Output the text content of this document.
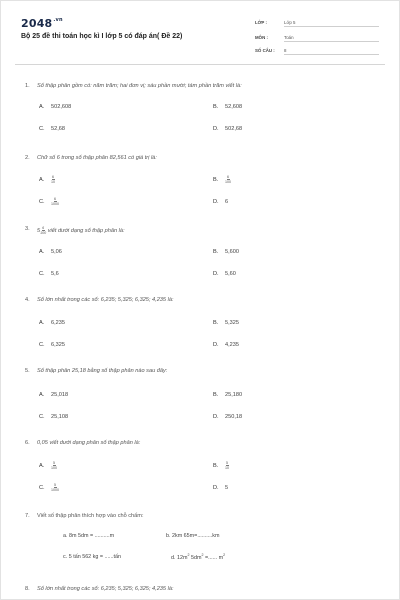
$2048^{.vn}$
Bộ 25 đề thi toán học kì I lớp 5 có đáp án( Đề 22)
LỚP :	Lớp 5
MÔN :	Toán
SỐ CÂU : 8
1.	Số thập phân gồm có: năm trăm; hai đơn vị; sáu phần mười; tám phần trăm viết là:
A. 502,608	B. 52,608
C. 52,68	D. 502,68
2.	Chữ số 6 trong số thập phân 82,561 có giá trị là:
A. $\frac{6}{10}$	B. $\frac{6}{100}$
C. $\frac{6}{1000}$	D. 6
3.	$5 \frac{6}{100}$ viết dưới dạng số thập phân là:
A. 5,06	B. 5,600
C. 5,6	D. 5,60
4.	Số lớn nhất trong các số: 6,235; 5,325; 6,325; 4,235 là:
A. 6,235	B. 5,325
C. 6,325	D. 4,235
5.	Số thập phân 25,18 bằng số thập phân nào sau đây:
A. 25,018	B. 25,180
C. 25,108	D. 250,18
6.	0,05 viết dưới dạng phân số thập phân là:
A. $\frac{5}{100}$	B. $\frac{5}{10}$
C. $\frac{5}{1000}$	D. 5
7.	Viết số thập phân thích hợp vào chỗ chấm:
a. 8m 5dm = ..........m	b. 2km 65m=..........km
c. 5 tấn 562 kg = ......tấn	d. $12m^2$ $5dm^2$ =...... $m^2$
8.	Số lớn nhất trong các số: 6,235; 5,325; 6,325; 4,235 là:
